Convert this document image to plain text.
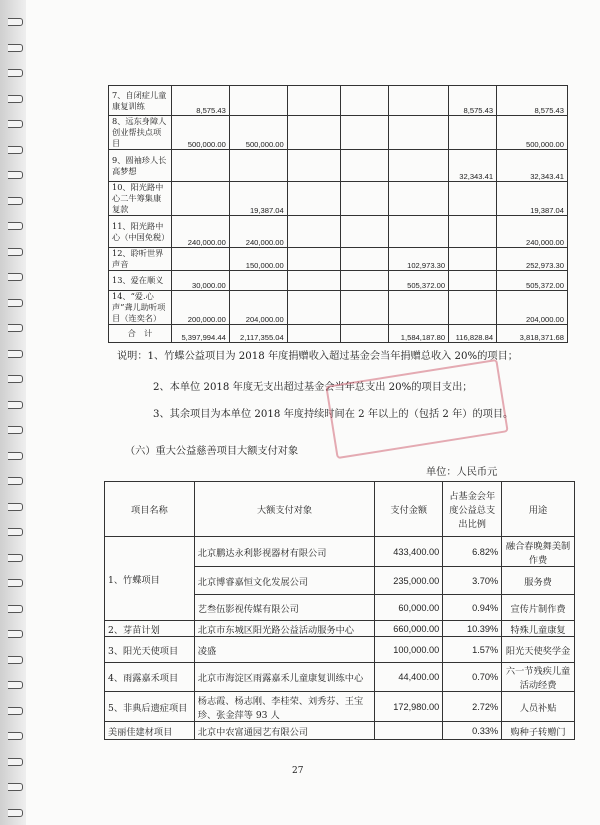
7、自闭症儿童康复训练	8,575.43					8,575.43	8,575.43
8、远东身障人创业帮扶点项目	500,000.00	500,000.00					500,000.00
9、圆袖珍人长高梦想						32,343.41	32,343.41
10、阳光路中心二牛筹集康复款		19,387.04					19,387.04
11、阳光路中心（中国免税）	240,000.00	240,000.00					240,000.00
12、聆听世界声音		150,000.00			102,973.30		252,973.30
13、爱在顺义	30,000.00				505,372.00		505,372.00
14、“爱.心声”聋儿助听项目（连奕名）	200,000.00	204,000.00					204,000.00
合　计	5,397,994.44	2,117,355.04			1,584,187.80	116,828.84	3,818,371.68
说明：1、竹蝶公益项目为 2018 年度捐赠收入超过基金会当年捐赠总收入 20%的项目；
2、本单位 2018 年度无支出超过基金会当年总支出 20%的项目支出；
3、其余项目为本单位 2018 年度持续时间在 2 年以上的（包括 2 年）的项目。
（六）重大公益慈善项目大额支付对象
单位：人民币元
项目名称	大额支付对象	支付金额	占基金会年度公益总支出比例	用途
1、竹蝶项目	北京鹏达永利影视器材有限公司	433,400.00	6.82%	融合春晚舞美制作费
	北京博睿嘉恒文化发展公司	235,000.00	3.70%	服务费
	艺叁伍影视传媒有限公司	60,000.00	0.94%	宣传片制作费
2、芽苗计划	北京市东城区阳光路公益活动服务中心	660,000.00	10.39%	特殊儿童康复
3、阳光天使项目	凌盛	100,000.00	1.57%	阳光天使奖学金
4、雨露嘉禾项目	北京市海淀区雨露嘉禾儿童康复训练中心	44,400.00	0.70%	六一节残疾儿童活动经费
5、非典后遗症项目	杨志霞、杨志刚、李桂荣、刘秀芬、王宝珍、张金萍等 93 人	172,980.00	2.72%	人员补贴
美丽佳建材项目	北京中农富通园艺有限公司		0.33%	购种子转赠门
27
